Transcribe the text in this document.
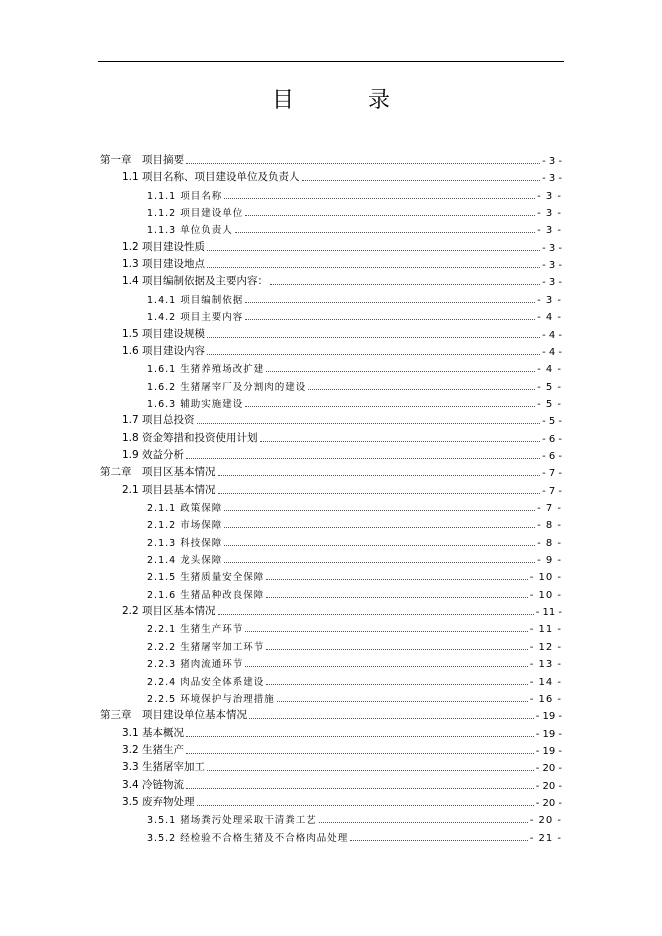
目　录
第一章　项目摘要	- 3 -
1.1 项目名称、项目建设单位及负责人	- 3 -
1.1.1 项目名称	- 3 -
1.1.2 项目建设单位	- 3 -
1.1.3 单位负责人	- 3 -
1.2 项目建设性质	- 3 -
1.3 项目建设地点	- 3 -
1.4 项目编制依据及主要内容：	- 3 -
1.4.1 项目编制依据	- 3 -
1.4.2 项目主要内容	- 4 -
1.5 项目建设规模	- 4 -
1.6 项目建设内容	- 4 -
1.6.1 生猪养殖场改扩建	- 4 -
1.6.2 生猪屠宰厂及分割肉的建设	- 5 -
1.6.3 辅助实施建设	- 5 -
1.7 项目总投资	- 5 -
1.8 资金筹措和投资使用计划	- 6 -
1.9 效益分析	- 6 -
第二章　项目区基本情况	- 7 -
2.1 项目县基本情况	- 7 -
2.1.1 政策保障	- 7 -
2.1.2 市场保障	- 8 -
2.1.3 科技保障	- 8 -
2.1.4 龙头保障	- 9 -
2.1.5 生猪质量安全保障	- 10 -
2.1.6 生猪品种改良保障	- 10 -
2.2 项目区基本情况	- 11 -
2.2.1 生猪生产环节	- 11 -
2.2.2 生猪屠宰加工环节	- 12 -
2.2.3 猪肉流通环节	- 13 -
2.2.4 肉品安全体系建设	- 14 -
2.2.5 环境保护与治理措施	- 16 -
第三章　项目建设单位基本情况	- 19 -
3.1 基本概况	- 19 -
3.2 生猪生产	- 19 -
3.3 生猪屠宰加工	- 20 -
3.4 冷链物流	- 20 -
3.5 废弃物处理	- 20 -
3.5.1 猪场粪污处理采取干清粪工艺	- 20 -
3.5.2 经检验不合格生猪及不合格肉品处理	- 21 -
